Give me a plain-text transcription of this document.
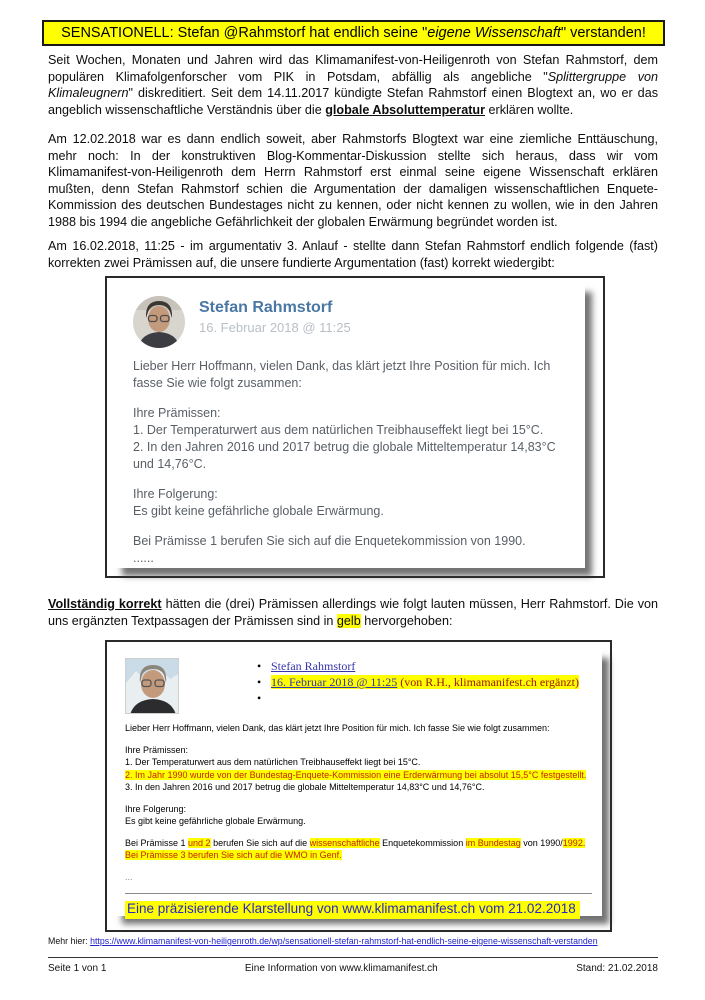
SENSATIONELL: Stefan @Rahmstorf hat endlich seine "eigene Wissenschaft" verstanden!
Seit Wochen, Monaten und Jahren wird das Klimamanifest-von-Heiligenroth von Stefan Rahmstorf, dem populären Klimafolgenforscher vom PIK in Potsdam, abfällig als angebliche "Splittergruppe von Klimaleugnern" diskreditiert. Seit dem 14.11.2017 kündigte Stefan Rahmstorf einen Blogtext an, wo er das angeblich wissenschaftliche Verständnis über die globale Absoluttemperatur erklären wollte.
Am 12.02.2018 war es dann endlich soweit, aber Rahmstorfs Blogtext war eine ziemliche Enttäuschung, mehr noch: In der konstruktiven Blog-Kommentar-Diskussion stellte sich heraus, dass wir vom Klimamanifest-von-Heiligenroth dem Herrn Rahmstorf erst einmal seine eigene Wissenschaft erklären mußten, denn Stefan Rahmstorf schien die Argumentation der damaligen wissenschaftlichen Enquete-Kommission des deutschen Bundestages nicht zu kennen, oder nicht kennen zu wollen, wie in den Jahren 1988 bis 1994 die angebliche Gefährlichkeit der globalen Erwärmung begründet worden ist.
Am 16.02.2018, 11:25 - im argumentativ 3. Anlauf - stellte dann Stefan Rahmstorf endlich folgende (fast) korrekten zwei Prämissen auf, die unsere fundierte Argumentation (fast) korrekt wiedergibt:
Stefan Rahmstorf
16. Februar 2018 @ 11:25
Lieber Herr Hoffmann, vielen Dank, das klärt jetzt Ihre Position für mich. Ich fasse Sie wie folgt zusammen:
Ihre Prämissen:
1. Der Temperaturwert aus dem natürlichen Treibhauseffekt liegt bei 15°C.
2. In den Jahren 2016 und 2017 betrug die globale Mitteltemperatur 14,83°C und 14,76°C.
Ihre Folgerung:
Es gibt keine gefährliche globale Erwärmung.
Bei Prämisse 1 berufen Sie sich auf die Enquetekommission von 1990.
......
Vollständig korrekt hätten die (drei) Prämissen allerdings wie folgt lauten müssen, Herr Rahmstorf. Die von uns ergänzten Textpassagen der Prämissen sind in gelb hervorgehoben:
• Stefan Rahmstorf
• 16. Februar 2018 @ 11:25 (von R.H., klimamanifest.ch ergänzt)
•
Lieber Herr Hoffmann, vielen Dank, das klärt jetzt Ihre Position für mich. Ich fasse Sie wie folgt zusammen:
Ihre Prämissen:
1. Der Temperaturwert aus dem natürlichen Treibhauseffekt liegt bei 15°C.
2. Im Jahr 1990 wurde von der Bundestag-Enquete-Kommission eine Erderwärmung bei absolut 15,5°C festgestellt.
3. In den Jahren 2016 und 2017 betrug die globale Mitteltemperatur 14,83°C und 14,76°C.
Ihre Folgerung:
Es gibt keine gefährliche globale Erwärmung.
Bei Prämisse 1 und 2 berufen Sie sich auf die wissenschaftliche Enquetekommission im Bundestag von 1990/1992.
Bei Prämisse 3 berufen Sie sich auf die WMO in Genf.
...
Eine präzisierende Klarstellung von www.klimamanifest.ch vom 21.02.2018
Mehr hier: https://www.klimamanifest-von-heiligenroth.de/wp/sensationell-stefan-rahmstorf-hat-endlich-seine-eigene-wissenschaft-verstanden
Seite 1 von 1	Eine Information von www.klimamanifest.ch	Stand: 21.02.2018
